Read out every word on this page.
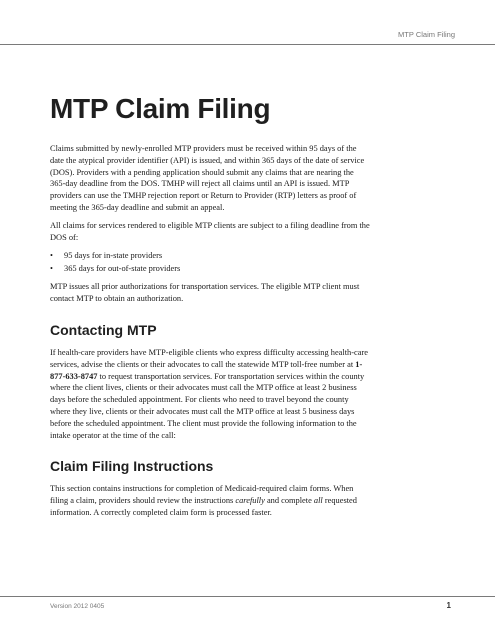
MTP Claim Filing
MTP Claim Filing

Claims submitted by newly-enrolled MTP providers must be received within 95 days of the date the atypical provider identifier (API) is issued, and within 365 days of the date of service (DOS). Providers with a pending application should submit any claims that are nearing the 365-day deadline from the DOS. TMHP will reject all claims until an API is issued. MTP providers can use the TMHP rejection report or Return to Provider (RTP) letters as proof of meeting the 365-day deadline and submit an appeal.

All claims for services rendered to eligible MTP clients are subject to a filing deadline from the DOS of:

• 95 days for in-state providers
• 365 days for out-of-state providers

MTP issues all prior authorizations for transportation services. The eligible MTP client must contact MTP to obtain an authorization.

Contacting MTP

If health-care providers have MTP-eligible clients who express difficulty accessing health-care services, advise the clients or their advocates to call the statewide MTP toll-free number at 1-877-633-8747 to request transportation services. For transportation services within the county where the client lives, clients or their advocates must call the MTP office at least 2 business days before the scheduled appointment. For clients who need to travel beyond the county where they live, clients or their advocates must call the MTP office at least 5 business days before the scheduled appointment. The client must provide the following information to the intake operator at the time of the call:

Claim Filing Instructions

This section contains instructions for completion of Medicaid-required claim forms. When filing a claim, providers should review the instructions carefully and complete all requested information. A correctly completed claim form is processed faster.

Version 2012 0405	1
